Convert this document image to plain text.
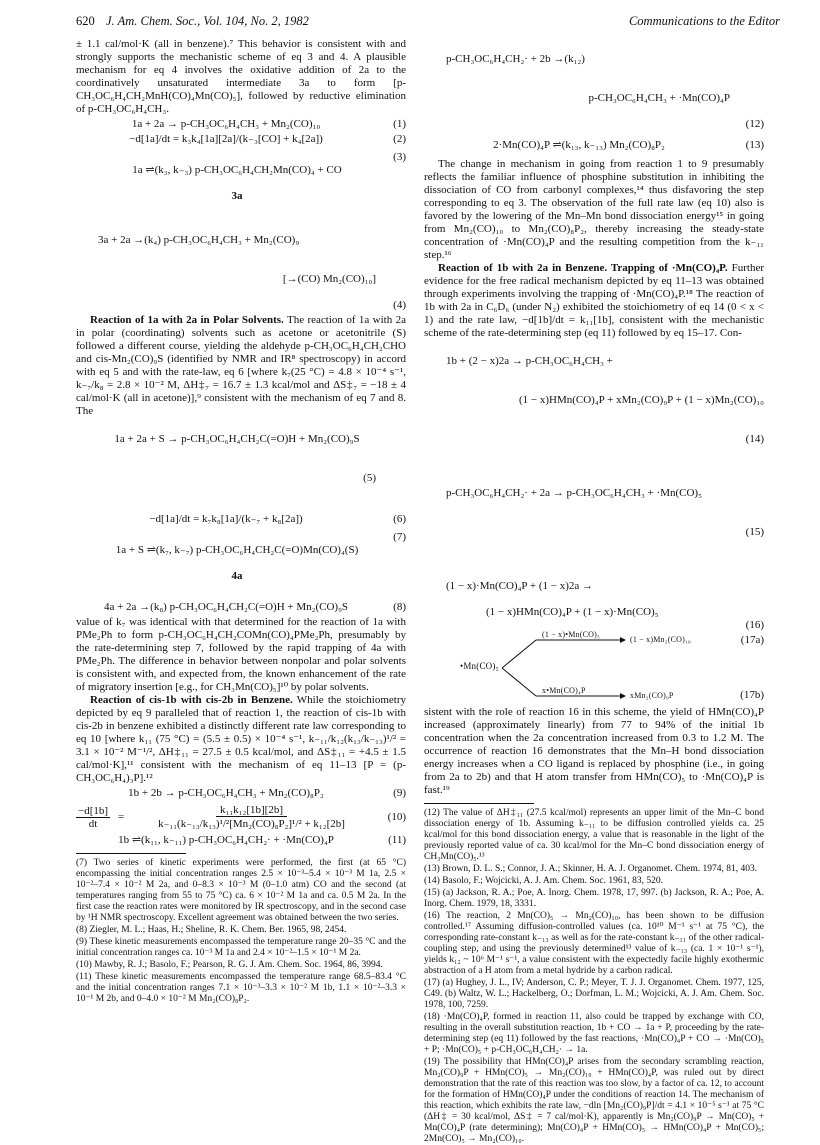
620 J. Am. Chem. Soc., Vol. 104, No. 2, 1982	Communications to the Editor

± 1.1 cal/mol·K (all in benzene).⁷ This behavior is consistent with and strongly supports the mechanistic scheme of eq 3 and 4. A plausible mechanism for eq 4 involves the oxidative addition of 2a to the coordinatively unsaturated intermediate 3a to form [p-CH₃OC₆H₄CH₂MnH(CO)₄Mn(CO)₅], followed by reductive elimination of p-CH₃OC₆H₄CH₃.

1a + 2a → p-CH₃OC₆H₄CH₃ + Mn₂(CO)₁₀	(1)
−d[1a]/dt = k₃k₄[1a][2a]/(k₋₃[CO] + k₄[2a])	(2)

1a ⇌(k₃, k₋₃) p-CH₃OC₆H₄CH₂Mn(CO)₄ + CO

3a

(3)

3a + 2a →(k₄) p-CH₃OC₆H₄CH₃ + Mn₂(CO)₉

[→(CO) Mn₂(CO)₁₀]

(4)

Reaction of 1a with 2a in Polar Solvents. The reaction of 1a with 2a in polar (coordinating) solvents such as acetone or acetonitrile (S) followed a different course, yielding the aldehyde p-CH₃OC₆H₄CH₂CHO and cis-Mn₂(CO)₉S (identified by NMR and IR⁸ spectroscopy) in accord with eq 5 and with the rate-law, eq 6 [where k₇(25 °C) = 4.8 × 10⁻⁴ s⁻¹, k₋₇/k₈ = 2.8 × 10⁻² M, ΔH‡₇ = 16.7 ± 1.3 kcal/mol and ΔS‡₇ = −18 ± 4 cal/mol·K (all in acetone)],⁹ consistent with the mechanism of eq 7 and 8. The

1a + 2a + S → p-CH₃OC₆H₄CH₂C(=O)H + Mn₂(CO)₉S

(5)

−d[1a]/dt = k₇k₈[1a]/(k₋₇ + k₈[2a])	(6)

1a + S ⇌(k₇, k₋₇) p-CH₃OC₆H₄CH₂C(=O)Mn(CO)₄(S)

4a

(7)
4a + 2a →(k₈) p-CH₃OC₆H₄CH₂C(=O)H + Mn₂(CO)₉S	(8)

value of k₇ was identical with that determined for the reaction of 1a with PMe₂Ph to form p-CH₃OC₆H₄CH₂COMn(CO)₄PMe₂Ph, presumably by the rate-determining step 7, followed by the rapid trapping of 4a with PMe₂Ph. The difference in behavior between nonpolar and polar solvents is consistent with, and expected from, the known enhancement of the rate of migratory insertion [e.g., for CH₃Mn(CO)₅]¹⁰ by polar solvents.

Reaction of cis-1b with cis-2b in Benzene. While the stoichiometry depicted by eq 9 paralleled that of reaction 1, the reaction of cis-1b with cis-2b in benzene exhibited a distinctly different rate law corresponding to eq 10 [where k₁₁ (75 °C) = (5.5 ± 0.5) × 10⁻⁴ s⁻¹, k₋₁₁/k₁₂(k₁₃/k₋₁₃)¹/² = 3.1 × 10⁻² M⁻¹/², ΔH‡₁₁ = 27.5 ± 0.5 kcal/mol, and ΔS‡₁₁ = +4.5 ± 1.5 cal/mol·K],¹¹ consistent with the mechanism of eq 11–13 [P = (p-CH₃OC₆H₄)₃P].¹²

1b + 2b → p-CH₃OC₆H₄CH₃ + Mn₂(CO)₈P₂	(9)
$\frac{-d[1b]}{dt} = \frac{\text{k₁₁k₁₂[1b][2b]}}{\text{k₋₁₁(k₋₁₃/k₁₃)¹/²[Mn₂(CO)₈P₂]¹/² + k₁₂[2b]}}$	(10)
1b ⇌(k₁₁, k₋₁₁) p-CH₃OC₆H₄CH₂· + ·Mn(CO)₄P	(11)

(7) Two series of kinetic experiments were performed, the first (at 65 °C) encompassing the initial concentration ranges 2.5 × 10⁻³–5.4 × 10⁻³ M 1a, 2.5 × 10⁻²–7.4 × 10⁻² M 2a, and 0–8.3 × 10⁻³ M (0–1.0 atm) CO and the second (at temperatures ranging from 55 to 75 °C) ca. 6 × 10⁻² M 1a and ca. 0.5 M 2a. In the first case the reaction rates were monitored by IR spectroscopy, and in the second case by ¹H NMR spectroscopy. Excellent agreement was obtained between the two series.

(8) Ziegler, M. L.; Haas, H.; Sheline, R. K. Chem. Ber. 1965, 98, 2454.

(9) These kinetic measurements encompassed the temperature range 20–35 °C and the initial concentration ranges ca. 10⁻³ M 1a and 2.4 × 10⁻²–1.5 × 10⁻¹ M 2a.

(10) Mawby, R. J.; Basolo, F.; Pearson, R. G. J. Am. Chem. Soc. 1964, 86, 3994.

(11) These kinetic measurements encompassed the temperature range 68.5–83.4 °C and the initial concentration ranges 7.1 × 10⁻³–3.3 × 10⁻² M 1b, 1.1 × 10⁻²–3.3 × 10⁻¹ M 2b, and 0–4.0 × 10⁻² M Mn₂(CO)₈P₂.

p-CH₃OC₆H₄CH₂· + 2b →(k₁₂)

p-CH₃OC₆H₄CH₃ + ·Mn(CO)₄P

(12)
2·Mn(CO)₄P ⇌(k₁₃, k₋₁₃) Mn₂(CO)₈P₂	(13)

The change in mechanism in going from reaction 1 to 9 presumably reflects the familiar influence of phosphine substitution in inhibiting the dissociation of CO from carbonyl complexes,¹⁴ thus disfavoring the step corresponding to eq 3. The observation of the full rate law (eq 10) also is favored by the lowering of the Mn–Mn bond dissociation energy¹⁵ in going from Mn₂(CO)₁₀ to Mn₂(CO)₈P₂, thereby increasing the steady-state concentration of ·Mn(CO)₄P and the resulting competition from the k₋₁₁ step.¹⁶

Reaction of 1b with 2a in Benzene. Trapping of ·Mn(CO)₄P. Further evidence for the free radical mechanism depicted by eq 11–13 was obtained through experiments involving the trapping of ·Mn(CO)₄P.¹⁸ The reaction of 1b with 2a in C₆D₆ (under N₂) exhibited the stoichiometry of eq 14 (0 < x < 1) and the rate law, −d[1b]/dt = k₁₁[1b], consistent with the mechanistic scheme of the rate-determining step (eq 11) followed by eq 15–17. Con-

1b + (2 − x)2a → p-CH₃OC₆H₄CH₃ +

(1 − x)HMn(CO)₄P + xMn₂(CO)₉P + (1 − x)Mn₂(CO)₁₀

(14)

p-CH₃OC₆H₄CH₂· + 2a → p-CH₃OC₆H₄CH₃ + ·Mn(CO)₅

(15)

(1 − x)·Mn(CO)₄P + (1 − x)2a →

(1 − x)HMn(CO)₄P + (1 − x)·Mn(CO)₅

(16)
•Mn(CO)₅
(1 − x)•Mn(CO)₅
(1 − x)Mn₂(CO)₁₀	(17a)
x•Mn(CO)₄P
xMn₂(CO)₉P	(17b)

sistent with the role of reaction 16 in this scheme, the yield of HMn(CO)₄P increased (approximately linearly) from 77 to 94% of the initial 1b concentration when the 2a concentration increased from 0.3 to 1.2 M. The occurrence of reaction 16 demonstrates that the Mn–H bond dissociation energy increases when a CO ligand is replaced by phosphine (i.e., in going from 2a to 2b) and that H atom transfer from HMn(CO)₅ to ·Mn(CO)₄P is fast.¹⁹

(12) The value of ΔH‡₁₁ (27.5 kcal/mol) represents an upper limit of the Mn–C bond dissociation energy of 1b. Assuming k₋₁₁ to be diffusion controlled yields ca. 25 kcal/mol for this bond dissociation energy, a value that is reasonable in the light of the previously reported value of ca. 30 kcal/mol for the Mn–C bond dissociation energy of CH₃Mn(CO)₅.¹³

(13) Brown, D. L. S.; Connor, J. A.; Skinner, H. A. J. Organomet. Chem. 1974, 81, 403.

(14) Basolo, F.; Wojcicki, A. J. Am. Chem. Soc. 1961, 83, 520.

(15) (a) Jackson, R. A.; Poe, A. Inorg. Chem. 1978, 17, 997. (b) Jackson, R. A.; Poe, A. Inorg. Chem. 1979, 18, 3331.

(16) The reaction, 2 Mn(CO)₅ → Mn₂(CO)₁₀, has been shown to be diffusion controlled.¹⁷ Assuming diffusion-controlled values (ca. 10¹⁰ M⁻¹ s⁻¹ at 75 °C), the corresponding rate-constant k₋₁₃ as well as for the rate-constant k₋₁₁ of the other radical-coupling step, and using the previously determined¹³ value of k₋₁₃ (ca. 1 × 10⁻¹ s⁻¹), yields k₁₂ ~ 10⁶ M⁻¹ s⁻¹, a value consistent with the expectedly facile highly exothermic abstraction of a H atom from a metal hydride by a carbon radical.

(17) (a) Hughey, J. L., IV; Anderson, C. P.; Meyer, T. J. J. Organomet. Chem. 1977, 125, C49. (b) Waltz, W. L.; Hackelberg, O.; Dorfman, L. M.; Wojcicki, A. J. Am. Chem. Soc. 1978, 100, 7259.

(18) ·Mn(CO)₄P, formed in reaction 11, also could be trapped by exchange with CO, resulting in the overall substitution reaction, 1b + CO → 1a + P, proceeding by the rate-determining step (eq 11) followed by the fast reactions, ·Mn(CO)₄P + CO → ·Mn(CO)₅ + P; ·Mn(CO)₅ + p-CH₃OC₆H₄CH₂· → 1a.

(19) The possibility that HMn(CO)₄P arises from the secondary scrambling reaction, Mn₂(CO)₉P + HMn(CO)₅ → Mn₂(CO)₁₀ + HMn(CO)₄P, was ruled out by direct demonstration that the rate of this reaction was too slow, by a factor of ca. 12, to account for the formation of HMn(CO)₄P under the conditions of reaction 14. The mechanism of this reaction, which exhibits the rate law, −dln [Mn₂(CO)₉P]/dt = 4.1 × 10⁻⁵ s⁻¹ at 75 °C (ΔH‡ = 30 kcal/mol, ΔS‡ = 7 cal/mol·K), apparently is Mn₂(CO)₉P → Mn(CO)₅ + Mn(CO)₄P (rate determining); Mn(CO)₄P + HMn(CO)₅ → HMn(CO)₄P + Mn(CO)₅; 2Mn(CO)₅ → Mn₂(CO)₁₀.
